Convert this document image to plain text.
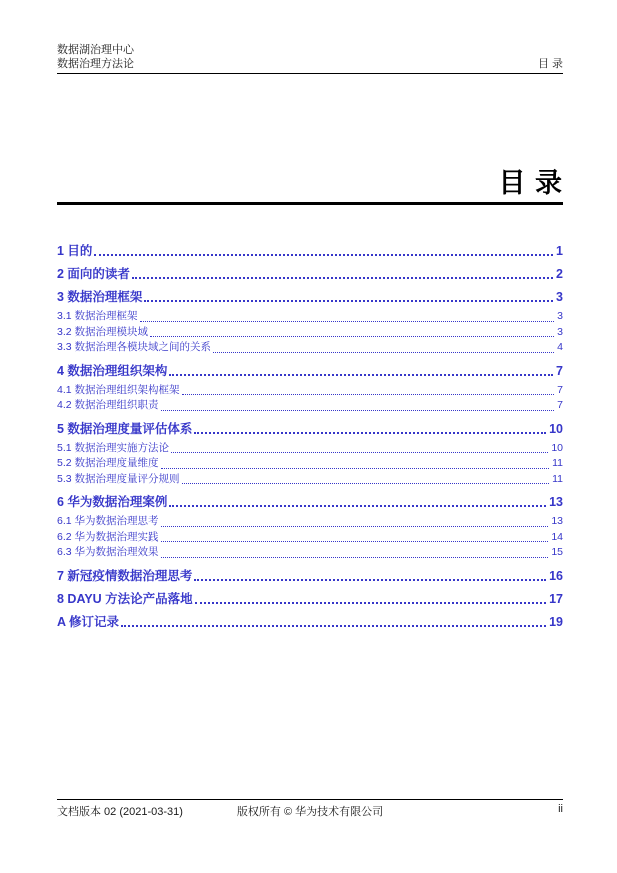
数据湖治理中心
数据治理方法论	目 录
目 录
1 目的	1
2 面向的读者	2
3 数据治理框架	3
3.1 数据治理框架	3
3.2 数据治理模块域	3
3.3 数据治理各模块域之间的关系	4
4 数据治理组织架构	7
4.1 数据治理组织架构框架	7
4.2 数据治理组织职责	7
5 数据治理度量评估体系	10
5.1 数据治理实施方法论	10
5.2 数据治理度量维度	11
5.3 数据治理度量评分规则	11
6 华为数据治理案例	13
6.1 华为数据治理思考	13
6.2 华为数据治理实践	14
6.3 华为数据治理效果	15
7 新冠疫情数据治理思考	16
8 DAYU 方法论产品落地	17
A 修订记录	19
文档版本 02 (2021-03-31)	版权所有 © 华为技术有限公司	ii
